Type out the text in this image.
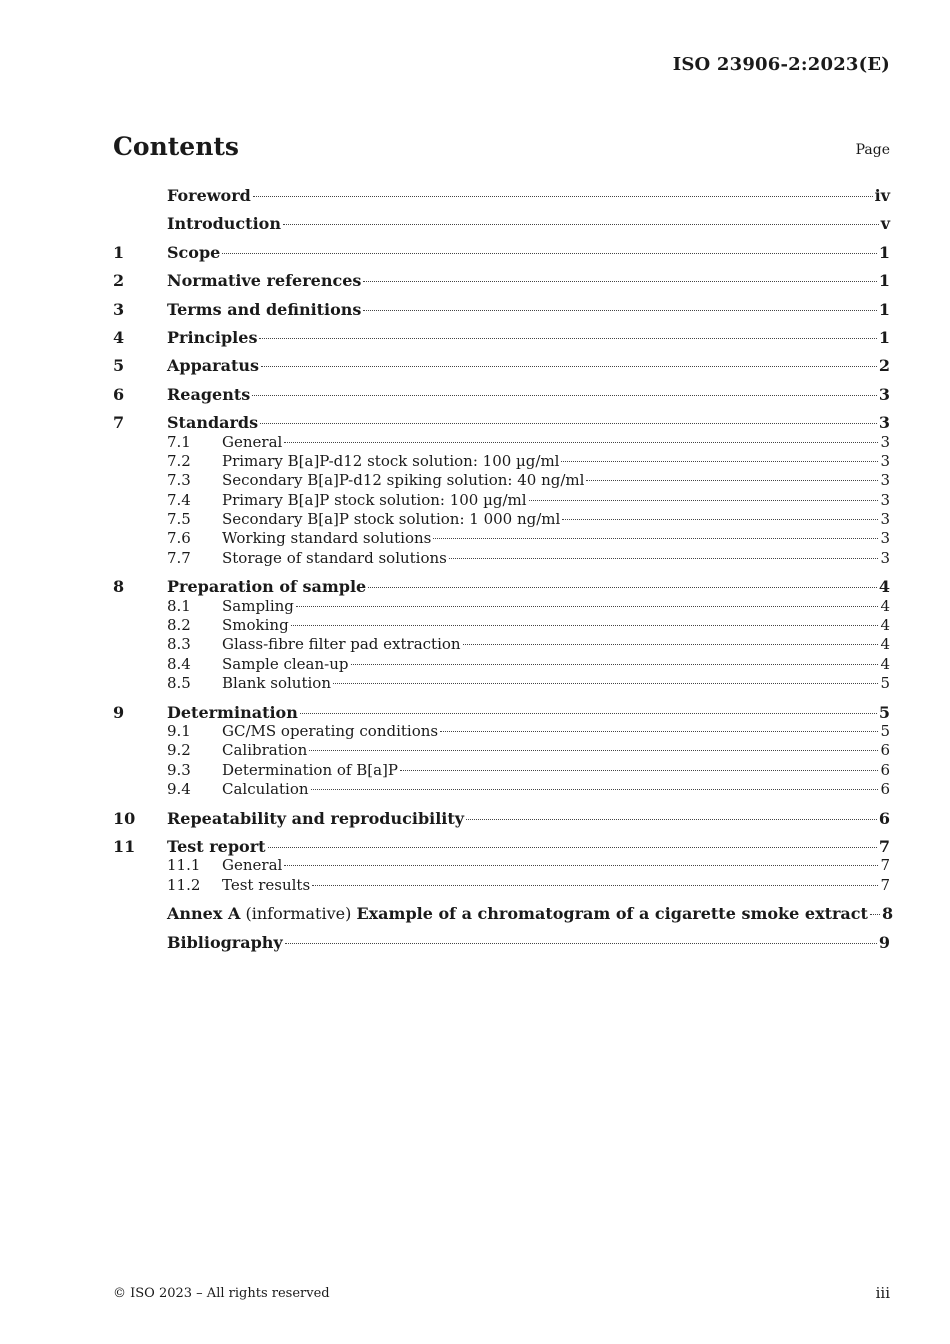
ISO 23906-2:2023(E)
Contents	Page
Foreword	iv
Introduction	v
1	Scope	1
2	Normative references	1
3	Terms and definitions	1
4	Principles	1
5	Apparatus	2
6	Reagents	3
7	Standards	3
7.1	General	3
7.2	Primary B[a]P-d12 stock solution: 100 µg/ml	3
7.3	Secondary B[a]P-d12 spiking solution: 40 ng/ml	3
7.4	Primary B[a]P stock solution: 100 µg/ml	3
7.5	Secondary B[a]P stock solution: 1 000 ng/ml	3
7.6	Working standard solutions	3
7.7	Storage of standard solutions	3
8	Preparation of sample	4
8.1	Sampling	4
8.2	Smoking	4
8.3	Glass-fibre filter pad extraction	4
8.4	Sample clean-up	4
8.5	Blank solution	5
9	Determination	5
9.1	GC/MS operating conditions	5
9.2	Calibration	6
9.3	Determination of B[a]P	6
9.4	Calculation	6
10	Repeatability and reproducibility	6
11	Test report	7
11.1	General	7
11.2	Test results	7
Annex A (informative) Example of a chromatogram of a cigarette smoke extract 8
Bibliography	9
© ISO 2023 – All rights reserved	iii
